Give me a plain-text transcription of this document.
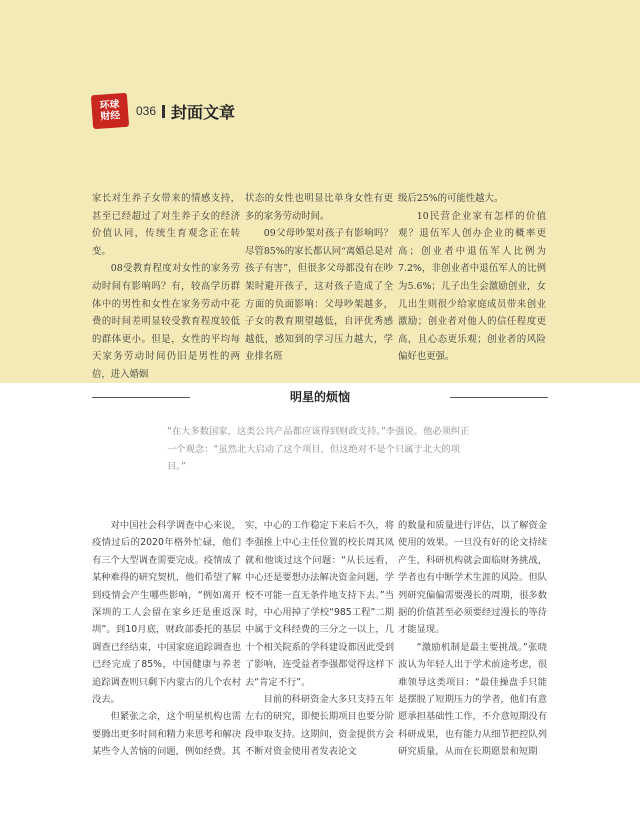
环球
财经 036 封面文章

家长对生养子女带来的情感支持，甚至已经超过了对生养子女的经济价值认同，传统生育观念正在转变。

08受教育程度对女性的家务劳动时间有影响吗？有，较高学历群体中的男性和女性在家务劳动中花费的时间差明显较受教育程度较低的群体更小。但是，女性的平均每天家务劳动时间仍旧是男性的两倍，进入婚姻

状态的女性也明显比单身女性有更多的家务劳动时间。

09父母吵架对孩子有影响吗？尽管85%的家长都认同“离婚总是对孩子有害”，但很多父母都没有在吵架时避开孩子，这对孩子造成了全方面的负面影响：父母吵架越多，子女的教育期望越低，自评优秀感越低，感知到的学习压力越大，学业排名班

级后25%的可能性越大。

10民营企业家有怎样的价值观？退伍军人创办企业的概率更高；创业者中退伍军人比例为7.2%，非创业者中退伍军人的比例为5.6%；儿子出生会激励创业，女儿出生则很少给家庭成员带来创业激励；创业者对他人的信任程度更高，且心态更乐观；创业者的风险偏好也更强。

明星的烦恼
“在大多数国家，这类公共产品都应该得到财政支持。”李强说。他必须纠正一个观念：“虽然北大启动了这个项目，但这绝对不是个只属于北大的项目。”

对中国社会科学调查中心来说，疫情过后的2020年格外忙碌，他们有三个大型调查需要完成。疫情成了某种难得的研究契机，他们希望了解到疫情会产生哪些影响，“例如离开深圳的工人会留在家乡还是重返深圳”。到10月底，财政部委托的基层调查已经结束，中国家庭追踪调查也已经完成了85%，中国健康与养老追踪调查则只剩下内蒙古的几个农村没去。

但紧张之余，这个明星机构也需要腾出更多时间和精力来思考和解决某些令人苦恼的问题，例如经费。其

实，中心的工作稳定下来后不久，将李强推上中心主任位置的校长周其凤就和他谈过这个问题：“从长远看，中心还是要想办法解决资金问题，学校不可能一直无条件地支持下去。”当时，中心用掉了学校“985工程”二期中属于文科经费的三分之一以上，几十个相关院系的学科建设都因此受到了影响，连受益者李强都觉得这样下去“肯定不行”。

目前的科研资金大多只支持五年左右的研究，即便长期项目也要分阶段申取支持。这期间，资金提供方会不断对资金使用者发表论文

的数量和质量进行评估，以了解资金使用的效果。一旦没有好的论文持续产生，科研机构就会面临财务挑战，学者也有中断学术生涯的风险。但队列研究偏偏需要漫长的周期，很多数据的价值甚至必须要经过漫长的等待才能显现。

“激励机制是最主要挑战。”张晓波认为年轻人出于学术前途考虑，很难领导这类项目：“最佳操盘手只能是摆脱了短期压力的学者，他们有意愿承担基础性工作，不介意短期没有科研成果，也有能力从细节把控队列研究质量，从而在长期愿景和短期
